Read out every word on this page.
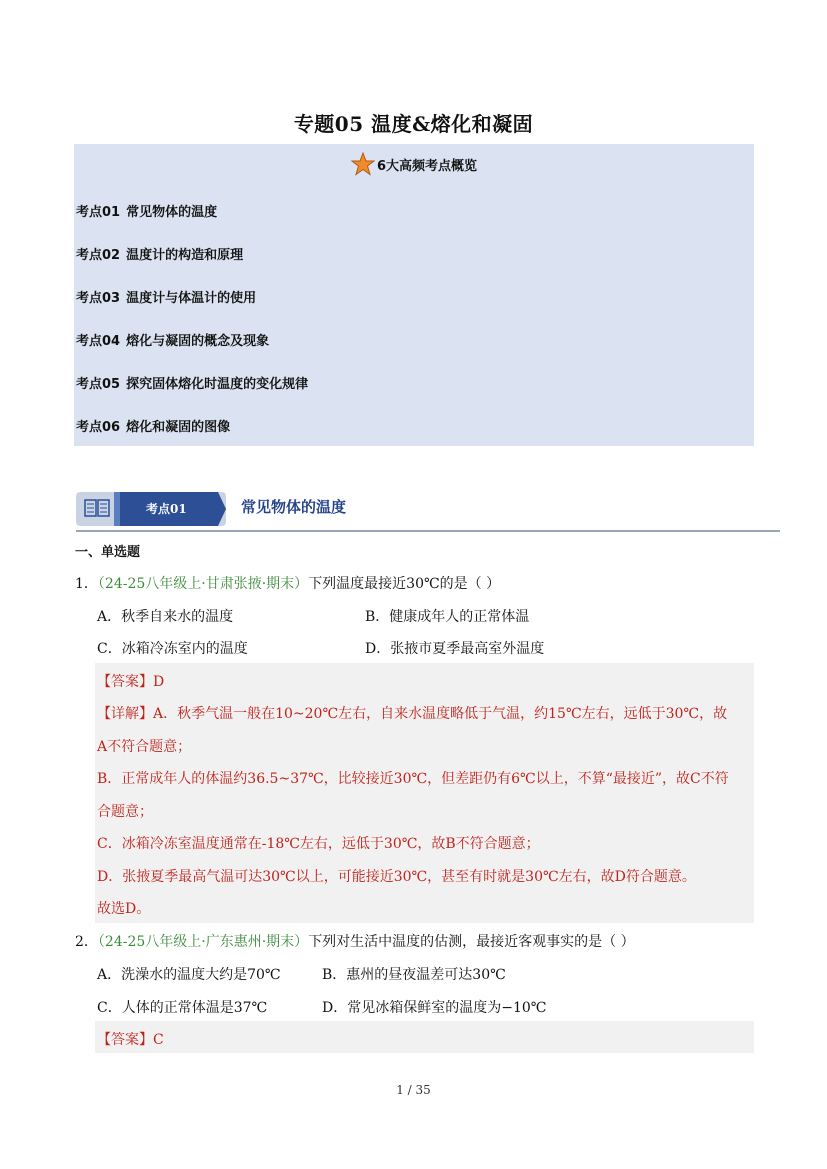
专题05 温度&熔化和凝固
6大高频考点概览
考点01 常见物体的温度
考点02 温度计的构造和原理
考点03 温度计与体温计的使用
考点04 熔化与凝固的概念及现象
考点05 探究固体熔化时温度的变化规律
考点06 熔化和凝固的图像
考点01	常见物体的温度
一、单选题
1．（24-25八年级上·甘肃张掖·期末）下列温度最接近30℃的是（ ）
A．秋季自来水的温度	B．健康成年人的正常体温
C．冰箱冷冻室内的温度	D．张掖市夏季最高室外温度
【答案】D
【详解】A．秋季气温一般在10~20℃左右，自来水温度略低于气温，约15℃左右，远低于30℃，故
A不符合题意；
B．正常成年人的体温约36.5~37℃，比较接近30℃，但差距仍有6℃以上，不算“最接近”，故C不符
合题意；
C．冰箱冷冻室温度通常在-18℃左右，远低于30℃，故B不符合题意；
D．张掖夏季最高气温可达30℃以上，可能接近30℃，甚至有时就是30℃左右，故D符合题意。
故选D。
2．（24-25八年级上·广东惠州·期末）下列对生活中温度的估测，最接近客观事实的是（ ）
A．洗澡水的温度大约是70℃	B．惠州的昼夜温差可达30℃
C．人体的正常体温是37℃	D．常见冰箱保鲜室的温度为−10℃
【答案】C
1 / 35
